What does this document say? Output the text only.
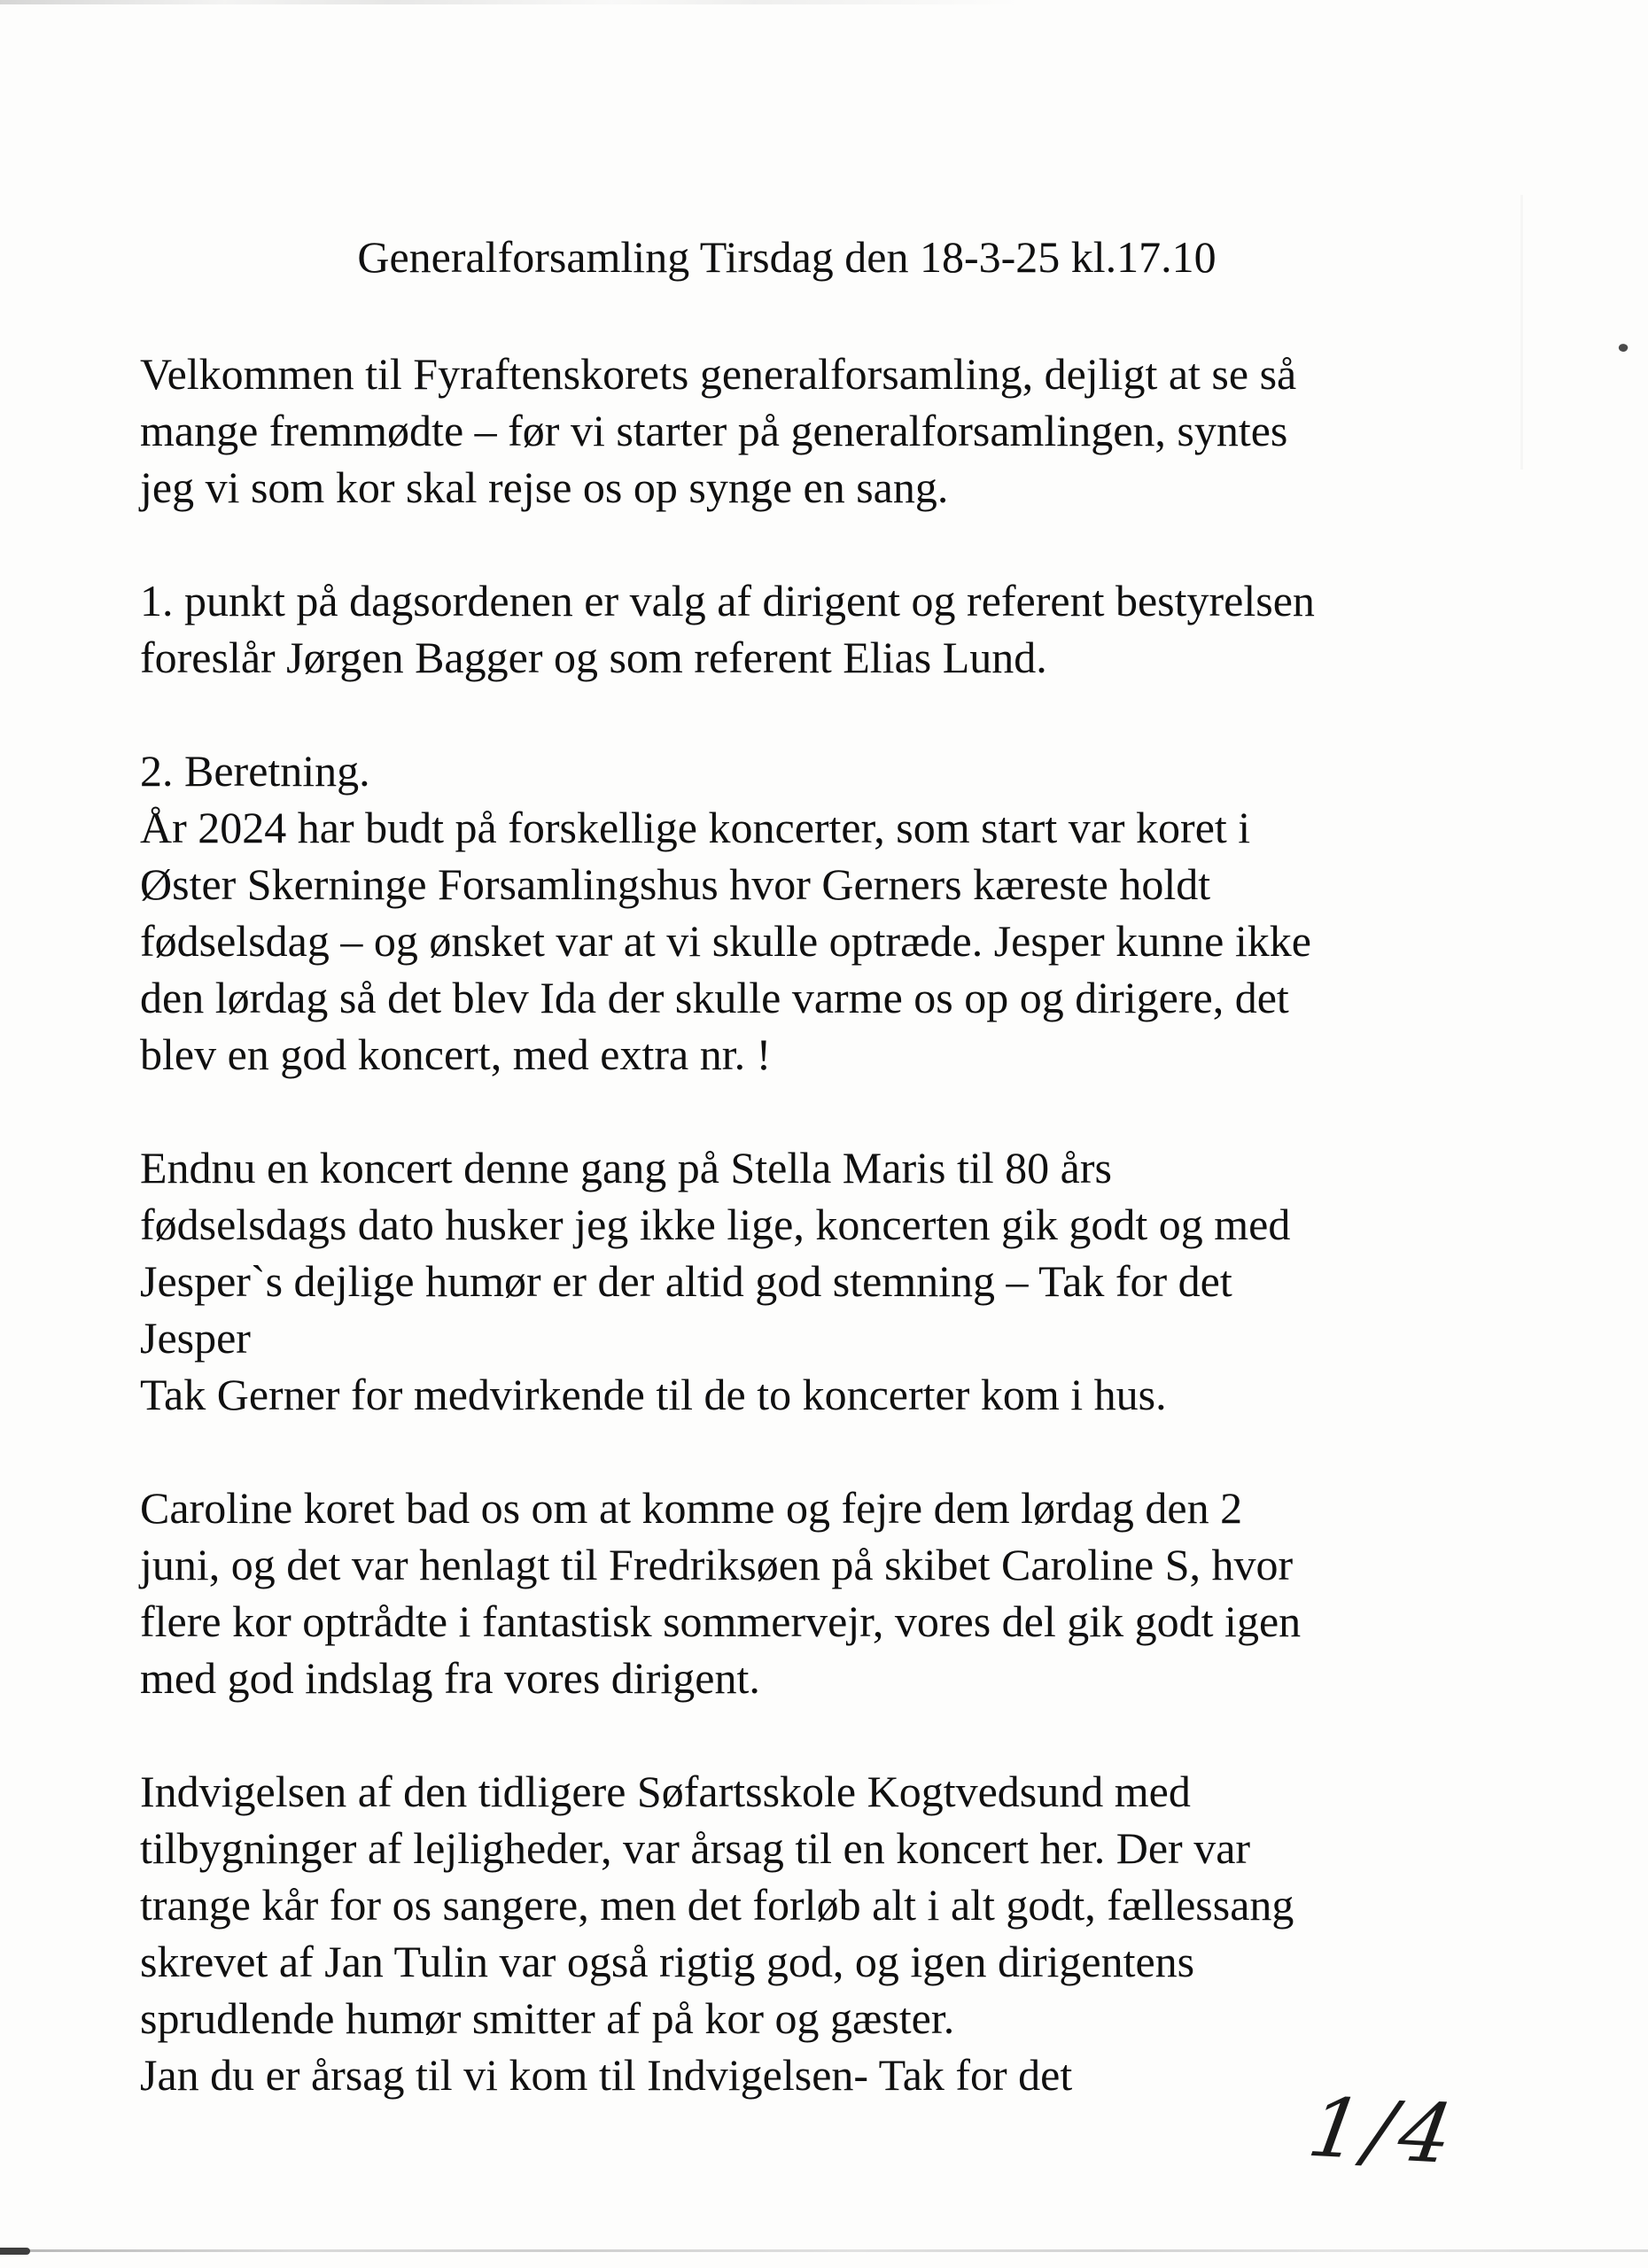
Generalforsamling Tirsdag den 18-3-25 kl.17.10

Velkommen til Fyraftenskorets generalforsamling, dejligt at se så
mange fremmødte – før vi starter på generalforsamlingen, syntes
jeg vi som kor skal rejse os op synge en sang.

1. punkt på dagsordenen er valg af dirigent og referent bestyrelsen
foreslår Jørgen Bagger og som referent Elias Lund.

2. Beretning.
År 2024 har budt på forskellige koncerter, som start var koret i
Øster Skerninge Forsamlingshus hvor Gerners kæreste holdt
fødselsdag – og ønsket var at vi skulle optræde. Jesper kunne ikke
den lørdag så det blev Ida der skulle varme os op og dirigere, det
blev en god koncert, med extra nr. !

Endnu en koncert denne gang på Stella Maris til 80 års
fødselsdags dato husker jeg ikke lige, koncerten gik godt og med
Jesper`s dejlige humør er der altid god stemning – Tak for det
Jesper
Tak Gerner for medvirkende til de to koncerter kom i hus.

Caroline koret bad os om at komme og fejre dem lørdag den 2
juni, og det var henlagt til Fredriksøen på skibet Caroline S, hvor
flere kor optrådte i fantastisk sommervejr, vores del gik godt igen
med god indslag fra vores dirigent.

Indvigelsen af den tidligere Søfartsskole Kogtvedsund med
tilbygninger af lejligheder, var årsag til en koncert her. Der var
trange kår for os sangere, men det forløb alt i alt godt, fællessang
skrevet af Jan Tulin var også rigtig god, og igen dirigentens
sprudlende humør smitter af på kor og gæster.
Jan du er årsag til vi kom til Indvigelsen- Tak for det

1/4
